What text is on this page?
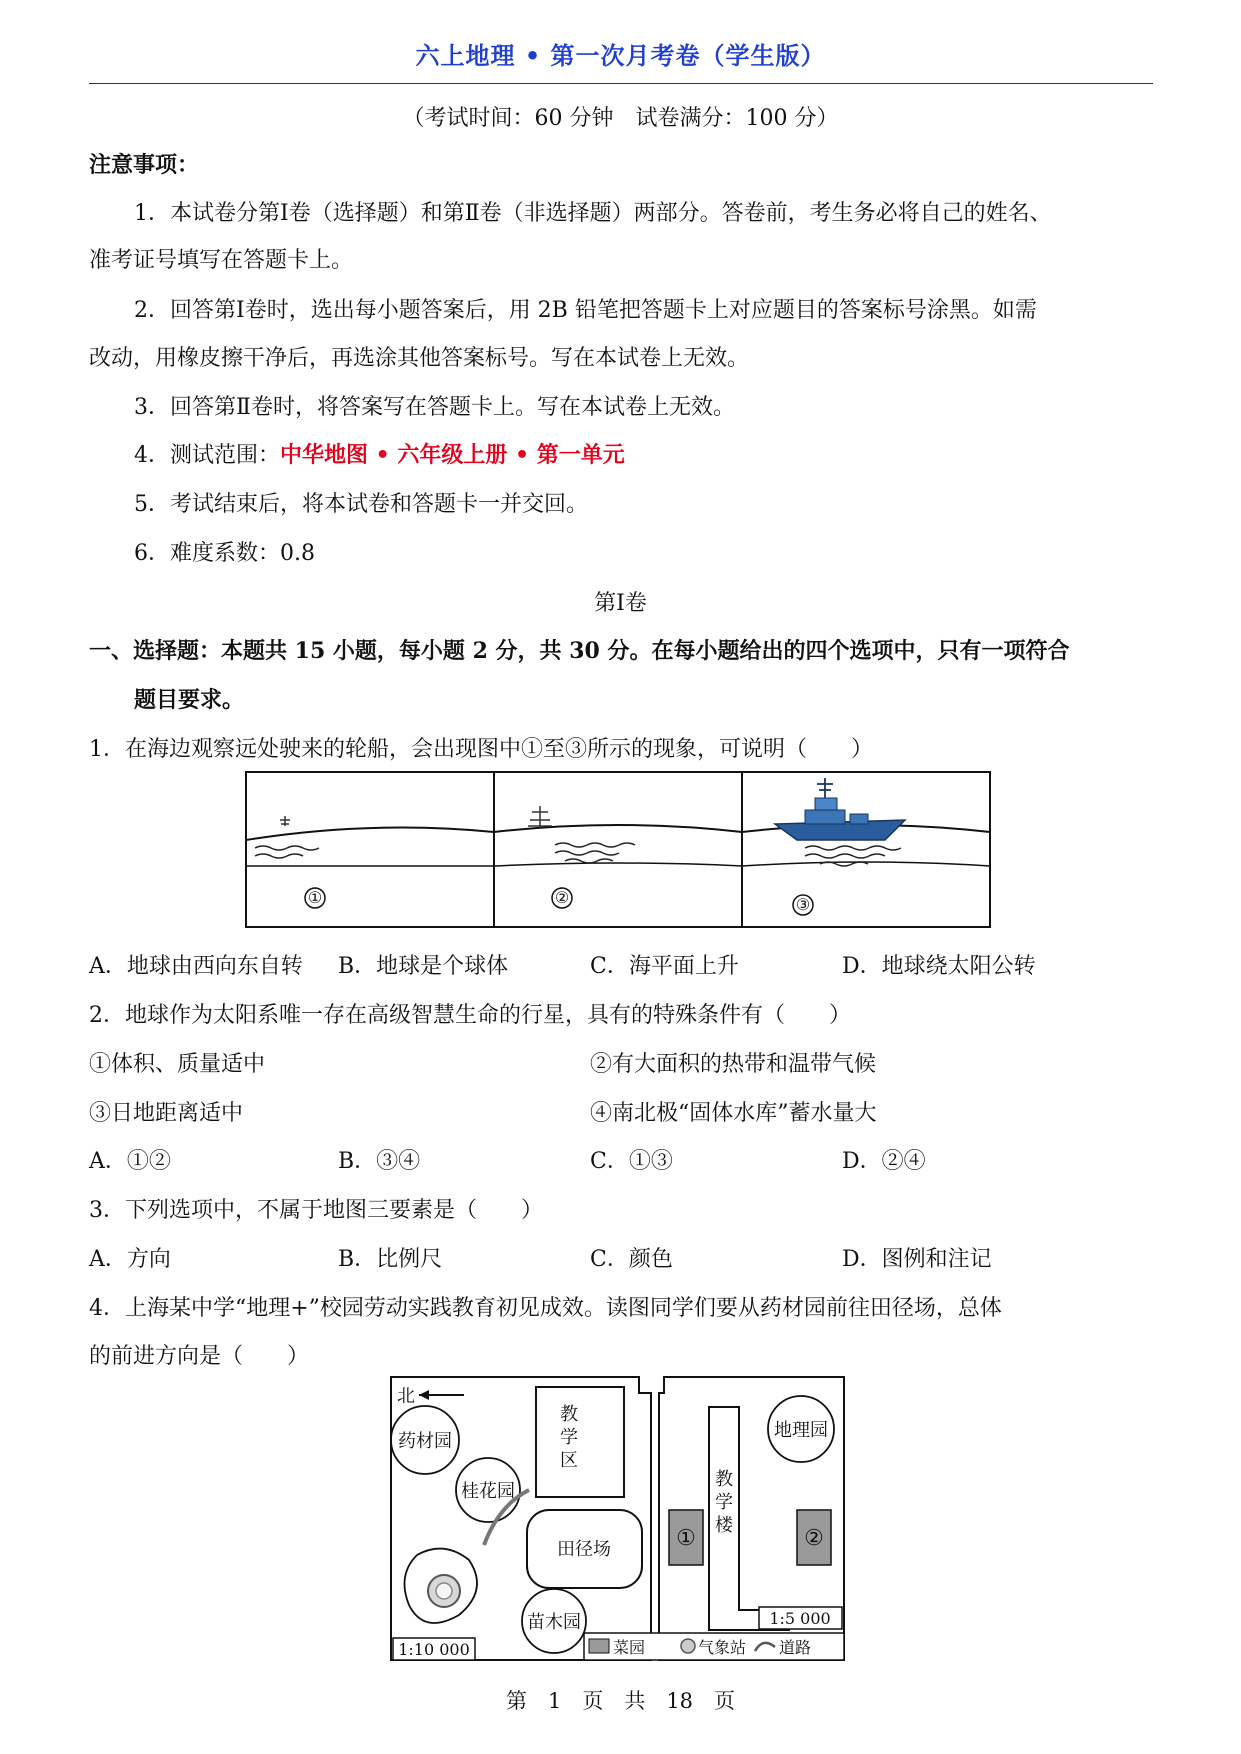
六上地理 • 第一次月考卷（学生版）
（考试时间：60 分钟　试卷满分：100 分）
注意事项：
1．本试卷分第Ⅰ卷（选择题）和第Ⅱ卷（非选择题）两部分。答卷前，考生务必将自己的姓名、
准考证号填写在答题卡上。
2．回答第Ⅰ卷时，选出每小题答案后，用 2B 铅笔把答题卡上对应题目的答案标号涂黑。如需
改动，用橡皮擦干净后，再选涂其他答案标号。写在本试卷上无效。
3．回答第Ⅱ卷时，将答案写在答题卡上。写在本试卷上无效。
4．测试范围：中华地图 • 六年级上册 • 第一单元
5．考试结束后，将本试卷和答题卡一并交回。
6．难度系数：0.8
第Ⅰ卷
一、选择题：本题共 15 小题，每小题 2 分，共 30 分。在每小题给出的四个选项中，只有一项符合
题目要求。
1．在海边观察远处驶来的轮船，会出现图中①至③所示的现象，可说明（　　）
①	②	③
A．地球由西向东自转 B．地球是个球体	C．海平面上升	D．地球绕太阳公转
2．地球作为太阳系唯一存在高级智慧生命的行星，具有的特殊条件有（　　）
①体积、质量适中	②有大面积的热带和温带气候
③日地距离适中	④南北极“固体水库”蓄水量大
A．①②	B．③④	C．①③	D．②④
3．下列选项中，不属于地图三要素是（　　）
A．方向	B．比例尺	C．颜色	D．图例和注记
4．上海某中学“地理+”校园劳动实践教育初见成效。读图同学们要从药材园前往田径场，总体
的前进方向是（　　）
北
教
学
区
教
学
楼
药材园
桂花园
田径场
苗木园
地理园
①	②
1:10 000
1:5 000
菜园	气象站 道路
第　1　页　共　18　页
